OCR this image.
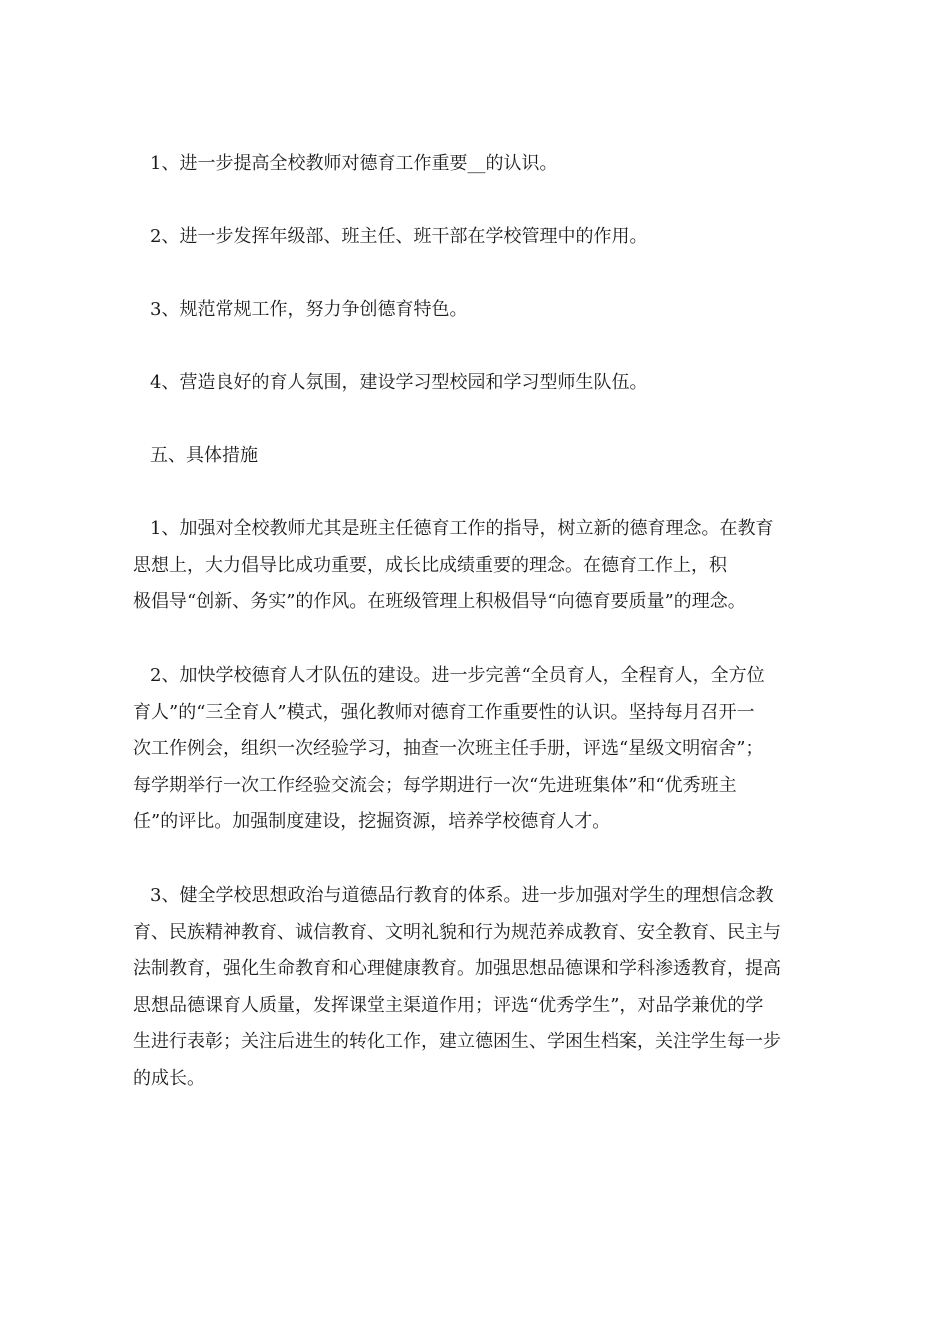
1、进一步提高全校教师对德育工作重要__的认识。
2、进一步发挥年级部、班主任、班干部在学校管理中的作用。
3、规范常规工作，努力争创德育特色。
4、营造良好的育人氛围，建设学习型校园和学习型师生队伍。
五、具体措施
1、加强对全校教师尤其是班主任德育工作的指导，树立新的德育理念。在教育
思想上，大力倡导比成功重要，成长比成绩重要的理念。在德育工作上，积
极倡导“创新、务实”的作风。在班级管理上积极倡导“向德育要质量”的理念。
2、加快学校德育人才队伍的建设。进一步完善“全员育人，全程育人，全方位
育人”的“三全育人”模式，强化教师对德育工作重要性的认识。坚持每月召开一
次工作例会，组织一次经验学习，抽查一次班主任手册，评选“星级文明宿舍”；
每学期举行一次工作经验交流会；每学期进行一次“先进班集体”和“优秀班主
任”的评比。加强制度建设，挖掘资源，培养学校德育人才。
3、健全学校思想政治与道德品行教育的体系。进一步加强对学生的理想信念教
育、民族精神教育、诚信教育、文明礼貌和行为规范养成教育、安全教育、民主与
法制教育，强化生命教育和心理健康教育。加强思想品德课和学科渗透教育，提高
思想品德课育人质量，发挥课堂主渠道作用；评选“优秀学生”，对品学兼优的学
生进行表彰；关注后进生的转化工作，建立德困生、学困生档案，关注学生每一步
的成长。
